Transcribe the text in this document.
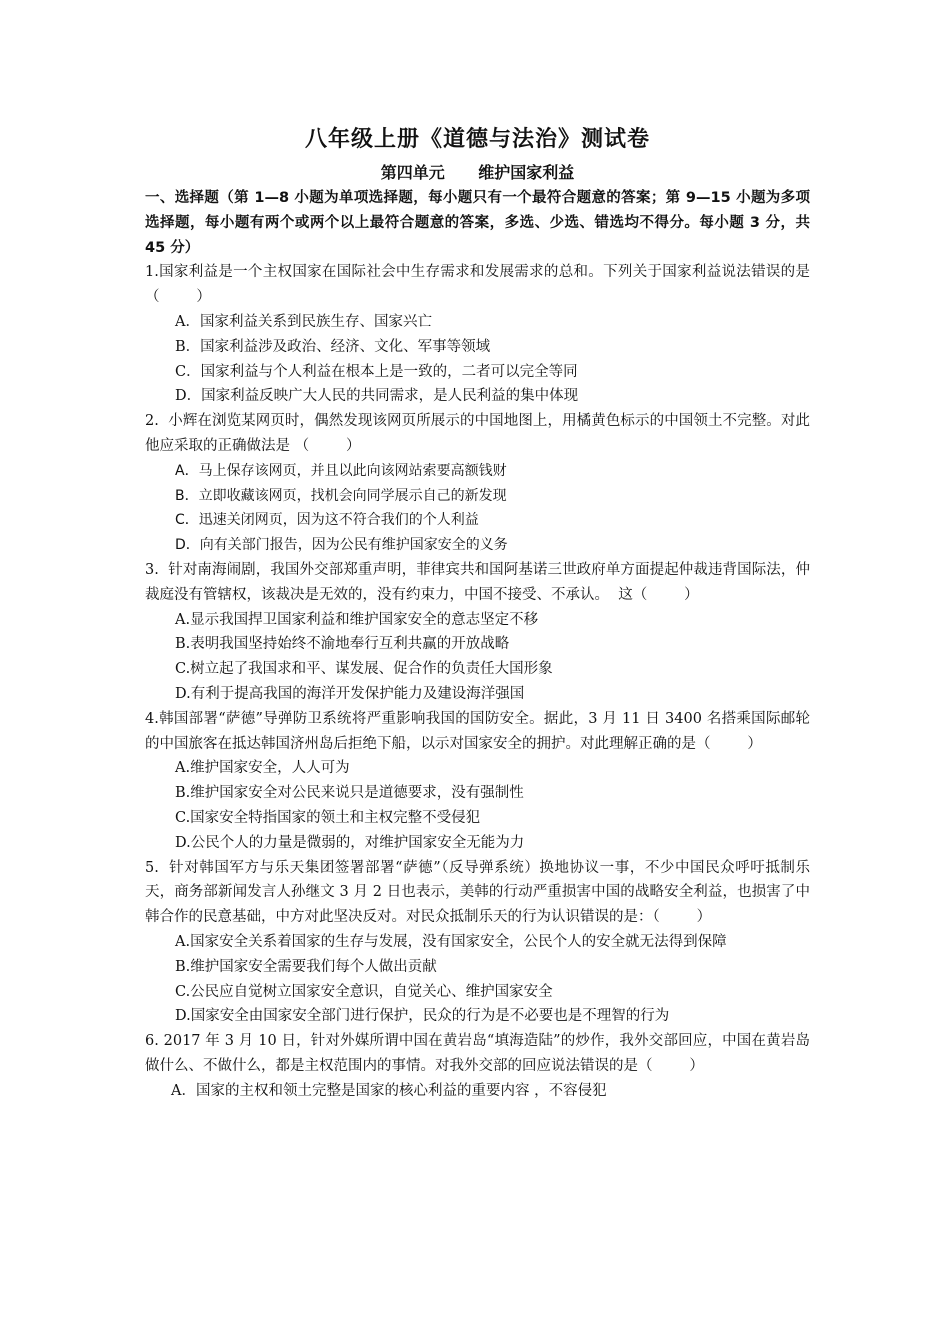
八年级上册《道德与法治》测试卷
第四单元      维护国家利益

一、选择题（第 1—8 小题为单项选择题，每小题只有一个最符合题意的答案；第 9—15 小题为多项选择题，每小题有两个或两个以上最符合题意的答案，多选、少选、错选均不得分。每小题 3 分，共 45 分）

1.国家利益是一个主权国家在国际社会中生存需求和发展需求的总和。下列关于国家利益说法错误的是 （        ）

A．国家利益关系到民族生存、国家兴亡

B．国家利益涉及政治、经济、文化、军事等领域

C．国家利益与个人利益在根本上是一致的，二者可以完全等同

D．国家利益反映广大人民的共同需求，是人民利益的集中体现

2.  小辉在浏览某网页时，偶然发现该网页所展示的中国地图上，用橘黄色标示的中国领土不完整。对此他应采取的正确做法是 （        ）

A．马上保存该网页，并且以此向该网站索要高额钱财

B．立即收藏该网页，找机会向同学展示自己的新发现

C．迅速关闭网页，因为这不符合我们的个人利益

D．向有关部门报告，因为公民有维护国家安全的义务

3.  针对南海闹剧，我国外交部郑重声明，菲律宾共和国阿基诺三世政府单方面提起仲裁违背国际法，仲裁庭没有管辖权，该裁决是无效的，没有约束力，中国不接受、不承认。  这（        ）

A.显示我国捍卫国家利益和维护国家安全的意志坚定不移

B.表明我国坚持始终不渝地奉行互利共赢的开放战略

C.树立起了我国求和平、谋发展、促合作的负责任大国形象

D.有利于提高我国的海洋开发保护能力及建设海洋强国

4.韩国部署“萨德”导弹防卫系统将严重影响我国的国防安全。据此，3 月 11 日 3400 名搭乘国际邮轮的中国旅客在抵达韩国济州岛后拒绝下船，以示对国家安全的拥护。对此理解正确的是（        ）

A.维护国家安全，人人可为

B.维护国家安全对公民来说只是道德要求，没有强制性

C.国家安全特指国家的领土和主权完整不受侵犯

D.公民个人的力量是微弱的，对维护国家安全无能为力

5.  针对韩国军方与乐天集团签署部署“萨德”（反导弹系统）换地协议一事，不少中国民众呼吁抵制乐天，商务部新闻发言人孙继文 3 月 2 日也表示，美韩的行动严重损害中国的战略安全利益，也损害了中韩合作的民意基础，中方对此坚决反对。对民众抵制乐天的行为认识错误的是：（        ）

A.国家安全关系着国家的生存与发展，没有国家安全，公民个人的安全就无法得到保障

B.维护国家安全需要我们每个人做出贡献

C.公民应自觉树立国家安全意识，自觉关心、维护国家安全

D.国家安全由国家安全部门进行保护，民众的行为是不必要也是不理智的行为

6. 2017 年 3 月 10 日，针对外媒所谓中国在黄岩岛“填海造陆”的炒作，我外交部回应，中国在黄岩岛做什么、不做什么，都是主权范围内的事情。对我外交部的回应说法错误的是（        ）

A．国家的主权和领土完整是国家的核心利益的重要内容 ，不容侵犯
